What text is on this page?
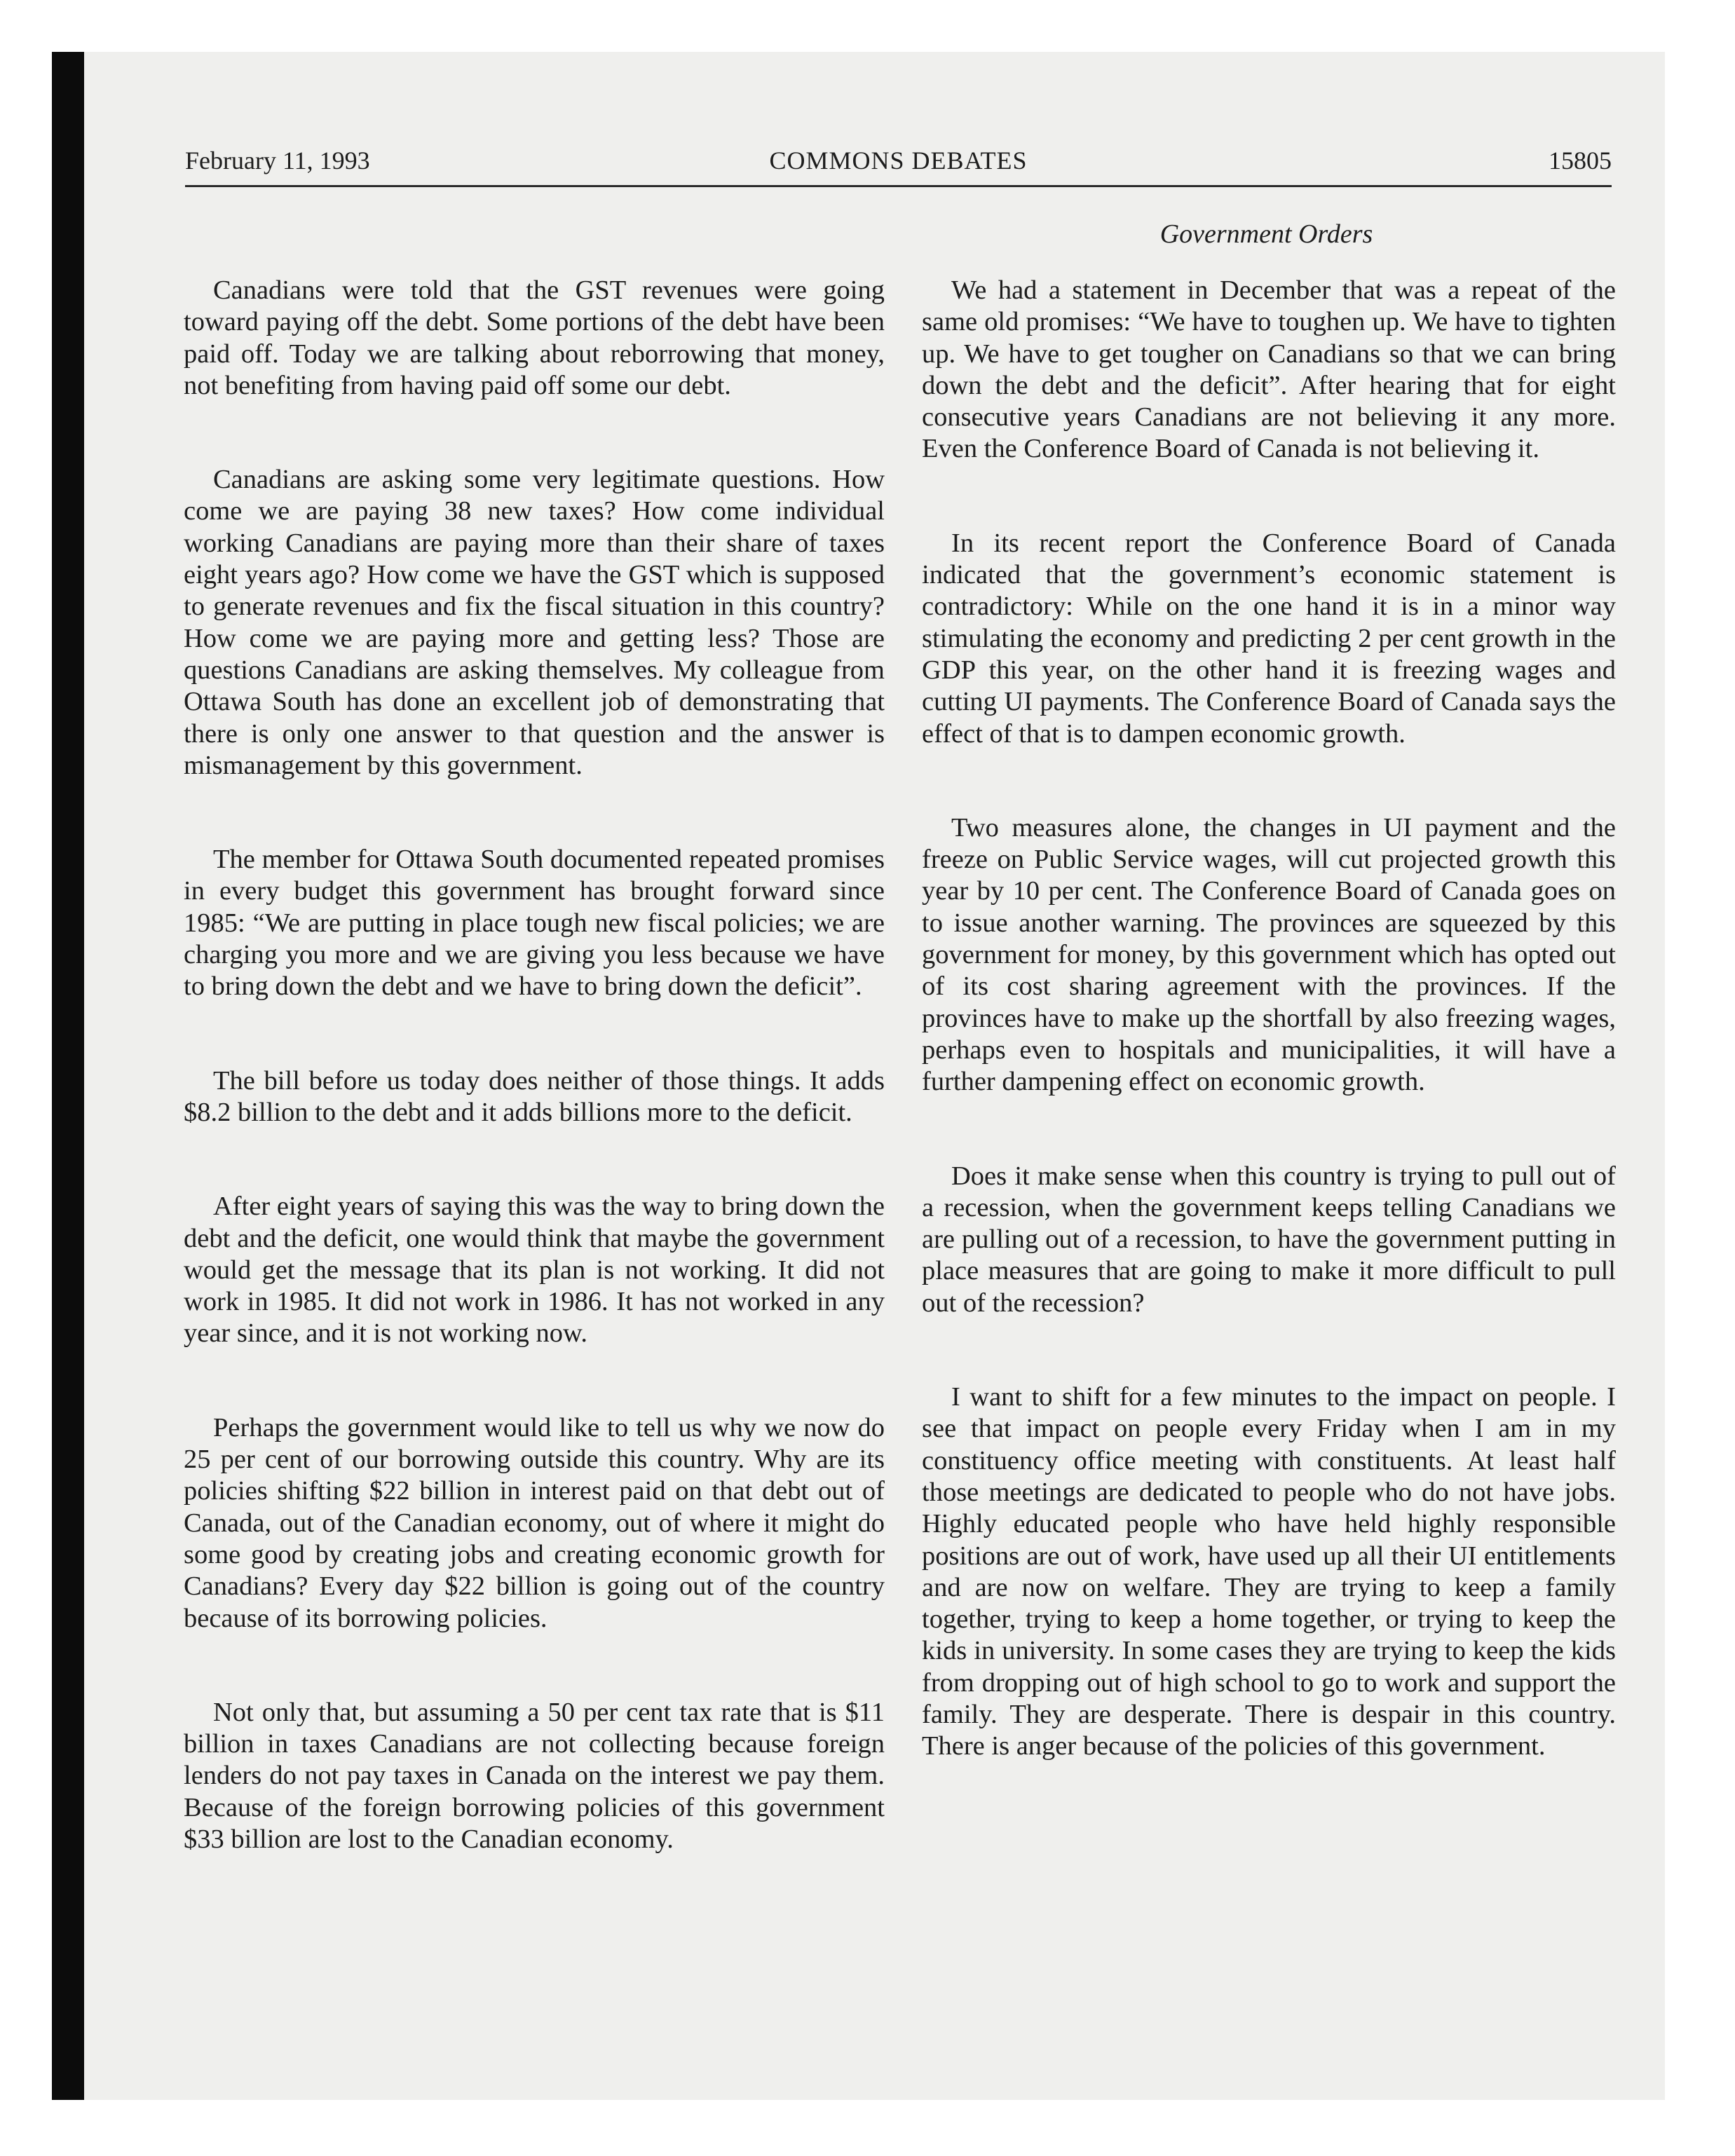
February 11, 1993	COMMONS DEBATES	15805
Government Orders

Canadians were told that the GST revenues were going toward paying off the debt. Some portions of the debt have been paid off. Today we are talking about reborrowing that money, not benefiting from having paid off some our debt.

Canadians are asking some very legitimate questions. How come we are paying 38 new taxes? How come individual working Canadians are paying more than their share of taxes eight years ago? How come we have the GST which is supposed to generate revenues and fix the fiscal situation in this country? How come we are paying more and getting less? Those are questions Canadians are asking themselves. My colleague from Ottawa South has done an excellent job of demonstrating that there is only one answer to that question and the answer is mismanagement by this government.

The member for Ottawa South documented repeated promises in every budget this government has brought forward since 1985: “We are putting in place tough new fiscal policies; we are charging you more and we are giving you less because we have to bring down the debt and we have to bring down the deficit”.

The bill before us today does neither of those things. It adds $8.2 billion to the debt and it adds billions more to the deficit.

After eight years of saying this was the way to bring down the debt and the deficit, one would think that maybe the government would get the message that its plan is not working. It did not work in 1985. It did not work in 1986. It has not worked in any year since, and it is not working now.

Perhaps the government would like to tell us why we now do 25 per cent of our borrowing outside this country. Why are its policies shifting $22 billion in interest paid on that debt out of Canada, out of the Canadian economy, out of where it might do some good by creating jobs and creating economic growth for Canadians? Every day $22 billion is going out of the country because of its borrowing policies.

Not only that, but assuming a 50 per cent tax rate that is $11 billion in taxes Canadians are not collecting because foreign lenders do not pay taxes in Canada on the interest we pay them. Because of the foreign borrowing policies of this government $33 billion are lost to the Canadian economy.

We had a statement in December that was a repeat of the same old promises: “We have to toughen up. We have to tighten up. We have to get tougher on Canadians so that we can bring down the debt and the deficit”. After hearing that for eight consecutive years Canadians are not believing it any more. Even the Conference Board of Canada is not believing it.

In its recent report the Conference Board of Canada indicated that the government’s economic statement is contradictory: While on the one hand it is in a minor way stimulating the economy and predicting 2 per cent growth in the GDP this year, on the other hand it is freezing wages and cutting UI payments. The Conference Board of Canada says the effect of that is to dampen economic growth.

Two measures alone, the changes in UI payment and the freeze on Public Service wages, will cut projected growth this year by 10 per cent. The Conference Board of Canada goes on to issue another warning. The provinces are squeezed by this government for money, by this government which has opted out of its cost sharing agreement with the provinces. If the provinces have to make up the shortfall by also freezing wages, perhaps even to hospitals and municipalities, it will have a further dampening effect on economic growth.

Does it make sense when this country is trying to pull out of a recession, when the government keeps telling Canadians we are pulling out of a recession, to have the government putting in place measures that are going to make it more difficult to pull out of the recession?

I want to shift for a few minutes to the impact on people. I see that impact on people every Friday when I am in my constituency office meeting with constituents. At least half those meetings are dedicated to people who do not have jobs. Highly educated people who have held highly responsible positions are out of work, have used up all their UI entitlements and are now on welfare. They are trying to keep a family together, trying to keep a home together, or trying to keep the kids in university. In some cases they are trying to keep the kids from dropping out of high school to go to work and support the family. They are desperate. There is despair in this country. There is anger because of the policies of this government.
